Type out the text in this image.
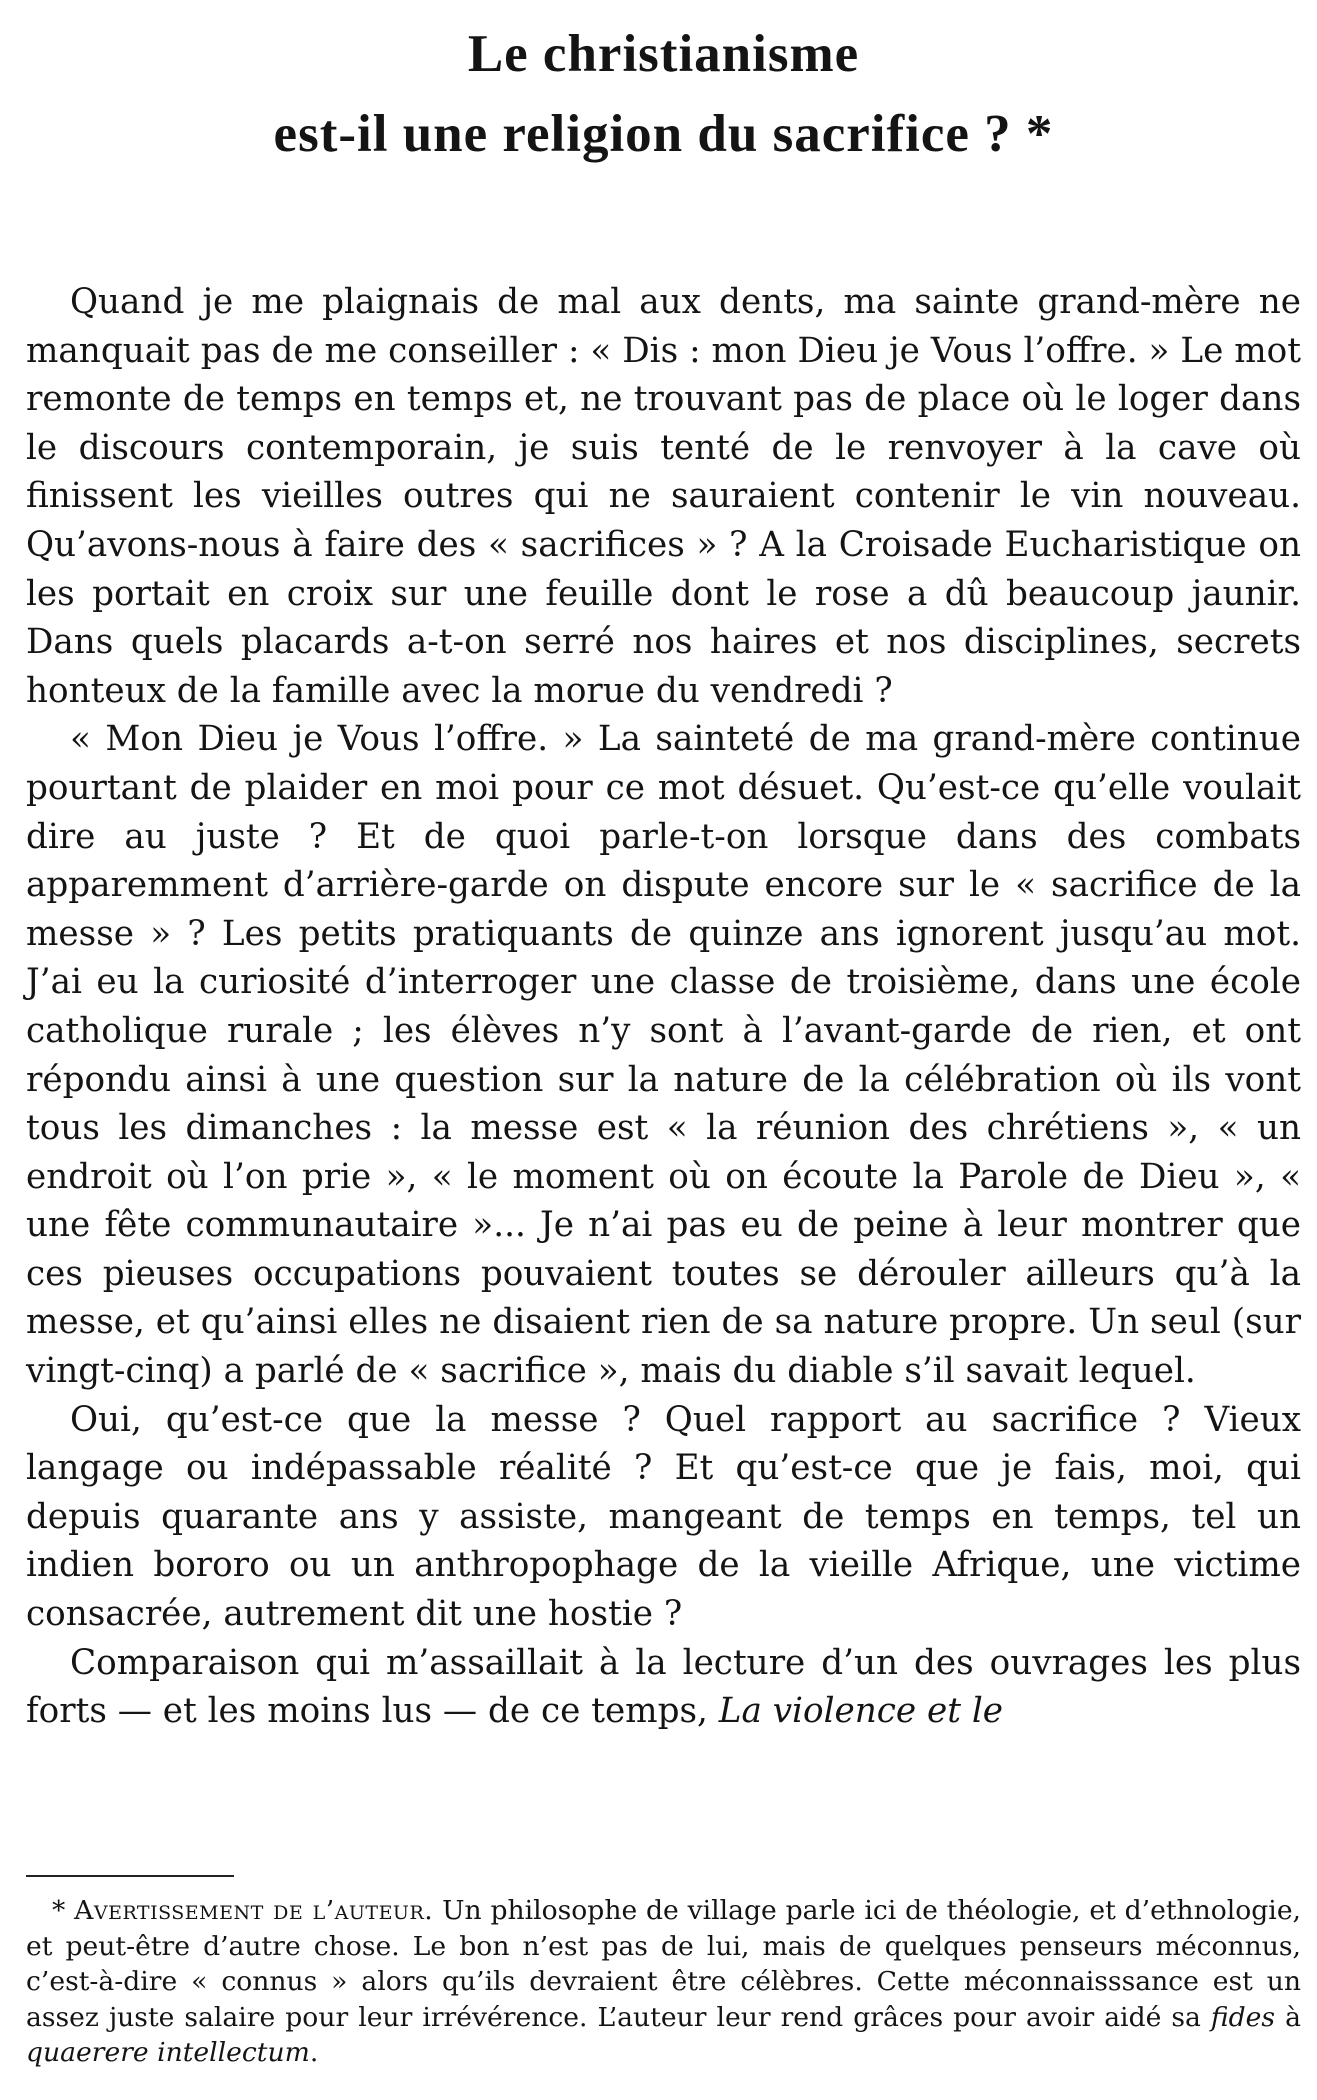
Le christianisme
est-il une religion du sacrifice ? *

Quand je me plaignais de mal aux dents, ma sainte grand-mère ne manquait pas de me conseiller : « Dis : mon Dieu je Vous l’offre. » Le mot remonte de temps en temps et, ne trouvant pas de place où le loger dans le discours contemporain, je suis tenté de le renvoyer à la cave où finissent les vieilles outres qui ne sauraient contenir le vin nouveau. Qu’avons-nous à faire des « sacrifices » ? A la Croisade Eucharistique on les portait en croix sur une feuille dont le rose a dû beaucoup jaunir. Dans quels placards a-t-on serré nos haires et nos disciplines, secrets honteux de la famille avec la morue du vendredi ?

« Mon Dieu je Vous l’offre. » La sainteté de ma grand-mère continue pourtant de plaider en moi pour ce mot désuet. Qu’est-ce qu’elle voulait dire au juste ? Et de quoi parle-t-on lorsque dans des combats apparemment d’arrière-garde on dispute encore sur le « sacrifice de la messe » ? Les petits pratiquants de quinze ans ignorent jusqu’au mot. J’ai eu la curiosité d’interroger une classe de troisième, dans une école catholique rurale ; les élèves n’y sont à l’avant-garde de rien, et ont répondu ainsi à une question sur la nature de la célébration où ils vont tous les dimanches : la messe est « la réunion des chrétiens », « un endroit où l’on prie », « le moment où on écoute la Parole de Dieu », « une fête communautaire »... Je n’ai pas eu de peine à leur montrer que ces pieuses occupations pouvaient toutes se dérouler ailleurs qu’à la messe, et qu’ainsi elles ne disaient rien de sa nature propre. Un seul (sur vingt-cinq) a parlé de « sacrifice », mais du diable s’il savait lequel.

Oui, qu’est-ce que la messe ? Quel rapport au sacrifice ? Vieux langage ou indépassable réalité ? Et qu’est-ce que je fais, moi, qui depuis quarante ans y assiste, mangeant de temps en temps, tel un indien bororo ou un anthropophage de la vieille Afrique, une victime consacrée, autrement dit une hostie ?

Comparaison qui m’assaillait à la lecture d’un des ouvrages les plus forts — et les moins lus — de ce temps, La violence et le

* Avertissement de l’auteur. Un philosophe de village parle ici de théologie, et d’ethnologie, et peut-être d’autre chose. Le bon n’est pas de lui, mais de quelques penseurs méconnus, c’est-à-dire « connus » alors qu’ils devraient être célèbres. Cette méconnaisssance est un assez juste salaire pour leur irrévérence. L’auteur leur rend grâces pour avoir aidé sa fides à quaerere intellectum.
